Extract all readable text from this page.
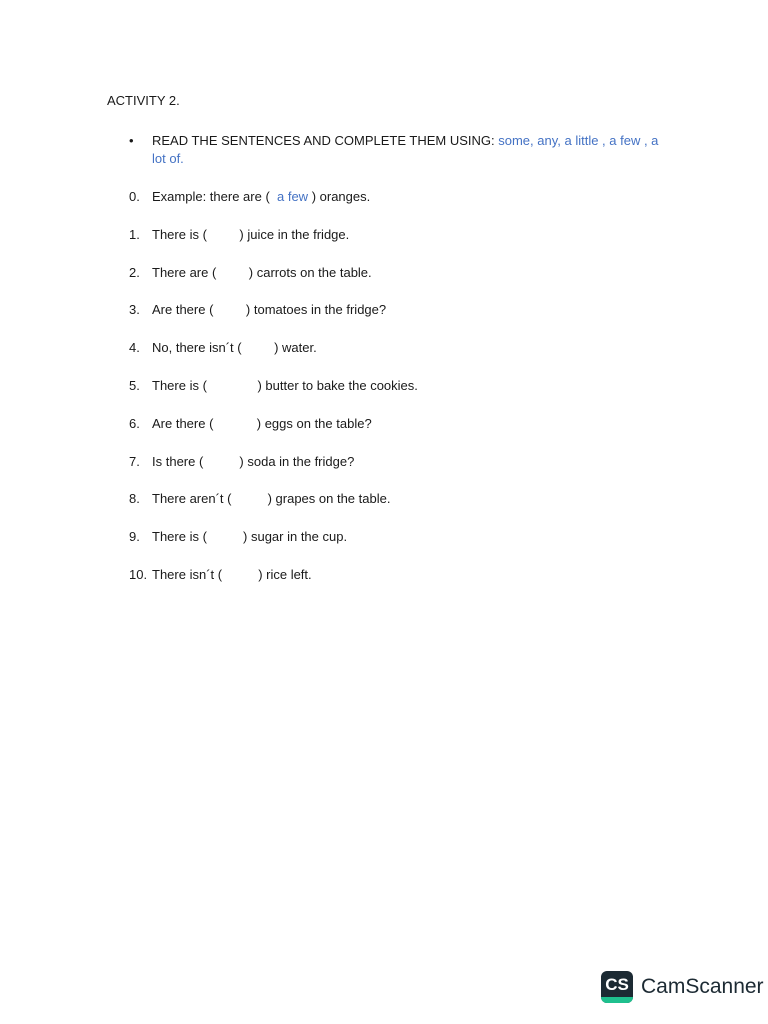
ACTIVITY 2.
•	READ THE SENTENCES AND COMPLETE THEM USING: some, any, a little , a few , a lot of.
0. Example: there are (  a few ) oranges.
1. There is (         ) juice in the fridge.
2. There are (         ) carrots on the table.
3. Are there (         ) tomatoes in the fridge?
4. No, there isn´t (         ) water.
5. There is (              ) butter to bake the cookies.
6. Are there (            ) eggs on the table?
7. Is there (          ) soda in the fridge?
8. There aren´t (          ) grapes on the table.
9. There is (          ) sugar in the cup.
10. There isn´t (          ) rice left.
CS CamScanner
